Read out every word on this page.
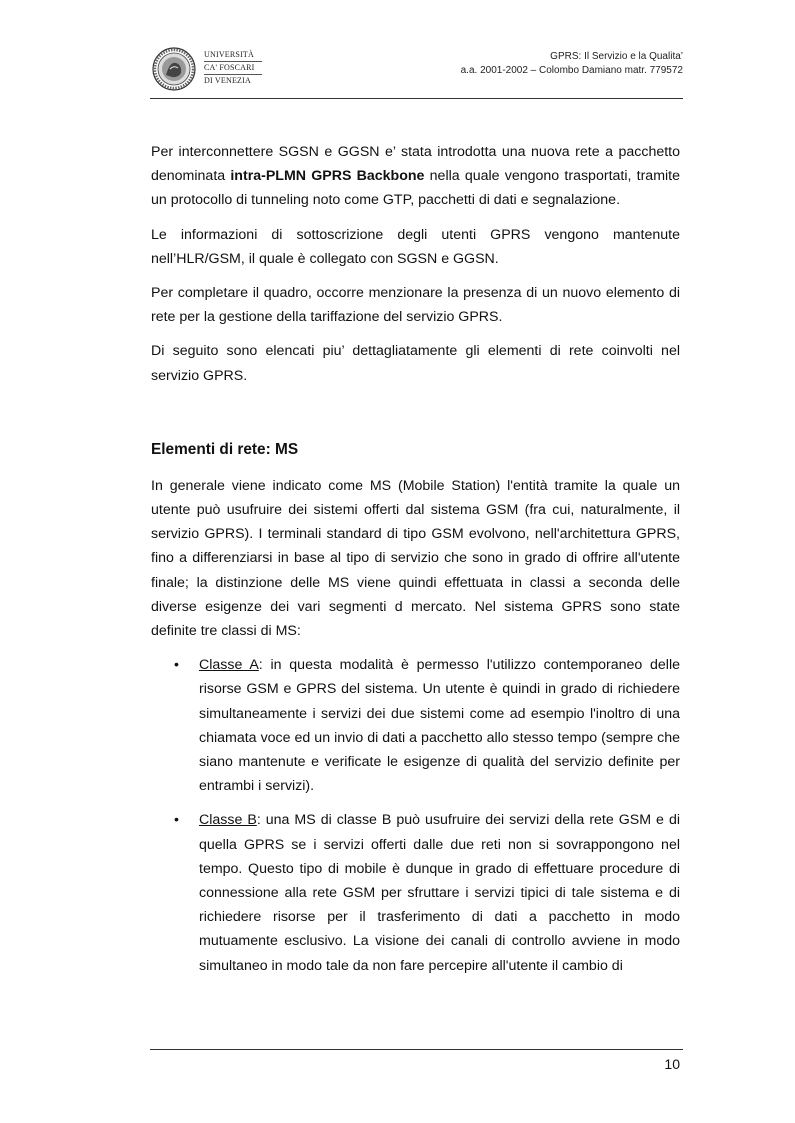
UNIVERSITÀ
CA' FOSCARI
DI VENEZIA
GPRS: Il Servizio e la Qualita’
a.a. 2001-2002 – Colombo Damiano matr. 779572

Per interconnettere SGSN e GGSN e’ stata introdotta una nuova rete a pacchetto denominata intra-PLMN GPRS Backbone nella quale vengono trasportati, tramite un protocollo di tunneling noto come GTP, pacchetti di dati e segnalazione.

Le informazioni di sottoscrizione degli utenti GPRS vengono mantenute nell’HLR/GSM, il quale è collegato con SGSN e GGSN.

Per completare il quadro, occorre menzionare la presenza di un nuovo elemento di rete per la gestione della tariffazione del servizio GPRS.

Di seguito sono elencati piu’ dettagliatamente gli elementi di rete coinvolti nel servizio GPRS.

Elementi di rete: MS

In generale viene indicato come MS (Mobile Station) l'entità tramite la quale un utente può usufruire dei sistemi offerti dal sistema GSM (fra cui, naturalmente, il servizio GPRS). I terminali standard di tipo GSM evolvono, nell'architettura GPRS, fino a differenziarsi in base al tipo di servizio che sono in grado di offrire all'utente finale; la distinzione delle MS viene quindi effettuata in classi a seconda delle diverse esigenze dei vari segmenti d mercato. Nel sistema GPRS sono state definite tre classi di MS:

• Classe A: in questa modalità è permesso l'utilizzo contemporaneo delle risorse GSM e GPRS del sistema. Un utente è quindi in grado di richiedere simultaneamente i servizi dei due sistemi come ad esempio l'inoltro di una chiamata voce ed un invio di dati a pacchetto allo stesso tempo (sempre che siano mantenute e verificate le esigenze di qualità del servizio definite per entrambi i servizi).
• Classe B: una MS di classe B può usufruire dei servizi della rete GSM e di quella GPRS se i servizi offerti dalle due reti non si sovrappongono nel tempo. Questo tipo di mobile è dunque in grado di effettuare procedure di connessione alla rete GSM per sfruttare i servizi tipici di tale sistema e di richiedere risorse per il trasferimento di dati a pacchetto in modo mutuamente esclusivo. La visione dei canali di controllo avviene in modo simultaneo in modo tale da non fare percepire all'utente il cambio di
10
